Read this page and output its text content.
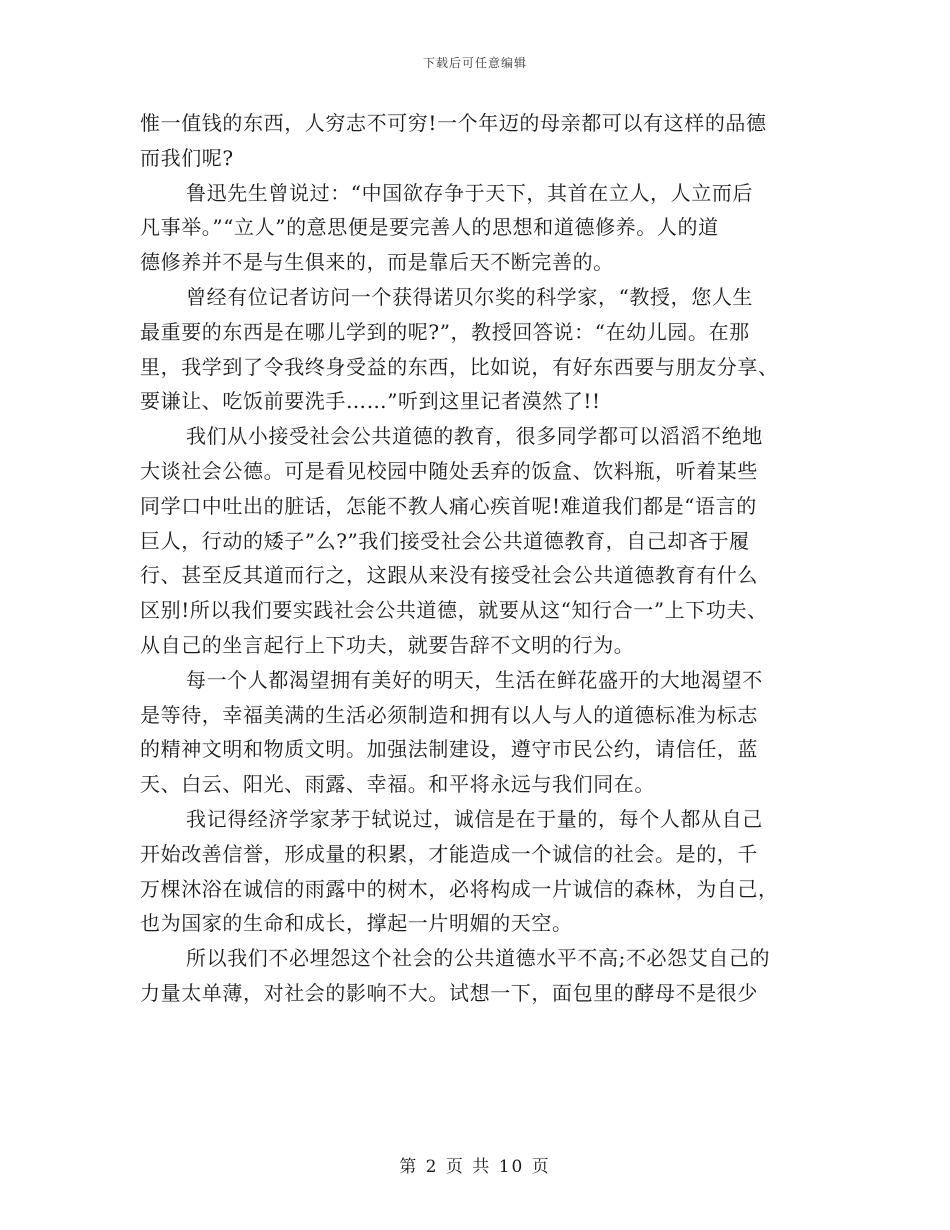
下载后可任意编辑
惟一值钱的东西，人穷志不可穷!一个年迈的母亲都可以有这样的品德
而我们呢?
鲁迅先生曾说过：“中国欲存争于天下，其首在立人，人立而后
凡事举。”“立人”的意思便是要完善人的思想和道德修养。人的道
德修养并不是与生俱来的，而是靠后天不断完善的。
曾经有位记者访问一个获得诺贝尔奖的科学家，“教授，您人生
最重要的东西是在哪儿学到的呢?”，教授回答说：“在幼儿园。在那
里，我学到了令我终身受益的东西，比如说，有好东西要与朋友分享、
要谦让、吃饭前要洗手……”听到这里记者漠然了!!
我们从小接受社会公共道德的教育，很多同学都可以滔滔不绝地
大谈社会公德。可是看见校园中随处丢弃的饭盒、饮料瓶，听着某些
同学口中吐出的脏话，怎能不教人痛心疾首呢!难道我们都是“语言的
巨人，行动的矮子”么?”我们接受社会公共道德教育，自己却吝于履
行、甚至反其道而行之，这跟从来没有接受社会公共道德教育有什么
区别!所以我们要实践社会公共道德，就要从这“知行合一”上下功夫、
从自己的坐言起行上下功夫，就要告辞不文明的行为。
每一个人都渴望拥有美好的明天，生活在鲜花盛开的大地渴望不
是等待，幸福美满的生活必须制造和拥有以人与人的道德标准为标志
的精神文明和物质文明。加强法制建设，遵守市民公约，请信任，蓝
天、白云、阳光、雨露、幸福。和平将永远与我们同在。
我记得经济学家茅于轼说过，诚信是在于量的，每个人都从自己
开始改善信誉，形成量的积累，才能造成一个诚信的社会。是的，千
万棵沐浴在诚信的雨露中的树木，必将构成一片诚信的森林，为自己，
也为国家的生命和成长，撑起一片明媚的天空。
所以我们不必埋怨这个社会的公共道德水平不高;不必怨艾自己的
力量太单薄，对社会的影响不大。试想一下，面包里的酵母不是很少
第 2 页 共 10 页
